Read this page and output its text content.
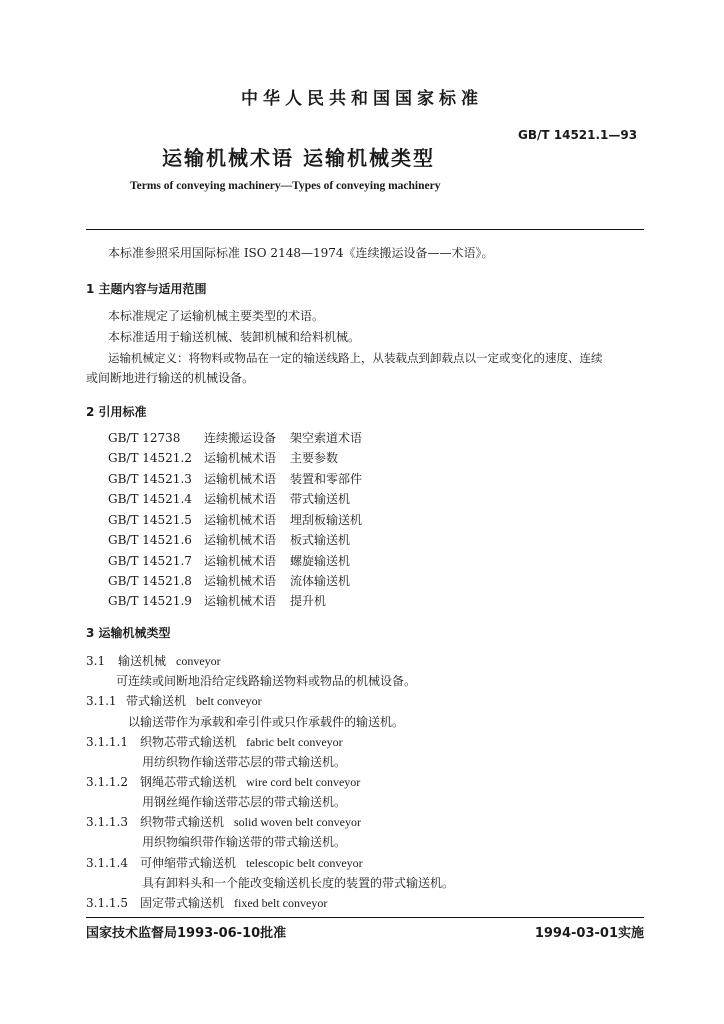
中华人民共和国国家标准
GB/T 14521.1—93
运输机械术语 运输机械类型
Terms of conveying machinery—Types of conveying machinery
本标准参照采用国际标准 ISO 2148—1974《连续搬运设备——术语》。
1 主题内容与适用范围
本标准规定了运输机械主要类型的术语。
本标准适用于输送机械、装卸机械和给料机械。
运输机械定义：将物料或物品在一定的输送线路上，从装载点到卸载点以一定或变化的速度、连续
或间断地进行输送的机械设备。
2 引用标准
GB/T 12738 连续搬运设备 架空索道术语
GB/T 14521.2 运输机械术语 主要参数
GB/T 14521.3 运输机械术语 装置和零部件
GB/T 14521.4 运输机械术语 带式输送机
GB/T 14521.5 运输机械术语 埋刮板输送机
GB/T 14521.6 运输机械术语 板式输送机
GB/T 14521.7 运输机械术语 螺旋输送机
GB/T 14521.8 运输机械术语 流体输送机
GB/T 14521.9 运输机械术语 提升机
3 运输机械类型
3.1 输送机械 conveyor
可连续或间断地沿给定线路输送物料或物品的机械设备。
3.1.1 带式输送机 belt conveyor
以输送带作为承载和牵引件或只作承载件的输送机。
3.1.1.1 织物芯带式输送机 fabric belt conveyor
用纺织物作输送带芯层的带式输送机。
3.1.1.2 钢绳芯带式输送机 wire cord belt conveyor
用钢丝绳作输送带芯层的带式输送机。
3.1.1.3 织物带式输送机 solid woven belt conveyor
用织物编织带作输送带的带式输送机。
3.1.1.4 可伸缩带式输送机 telescopic belt conveyor
具有卸料头和一个能改变输送机长度的装置的带式输送机。
3.1.1.5 固定带式输送机 fixed belt conveyor
国家技术监督局1993-06-10批准	1994-03-01实施
